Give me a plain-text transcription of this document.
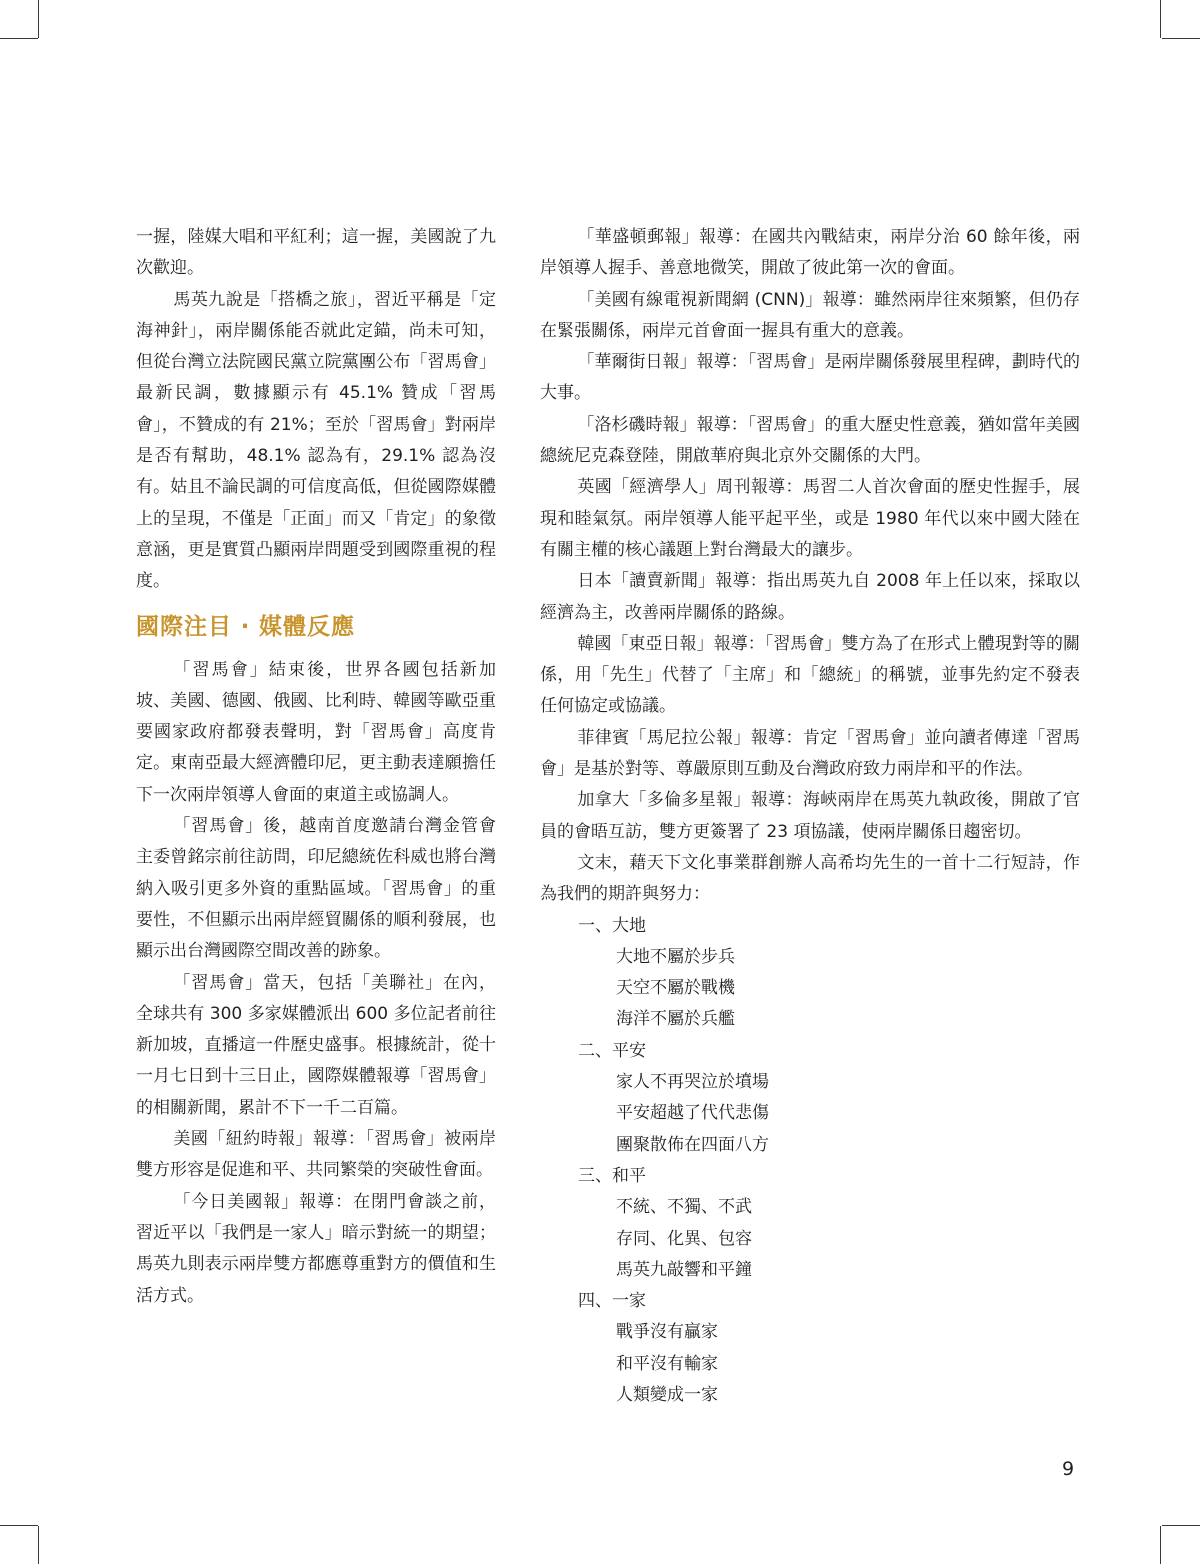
一握，陸媒大唱和平紅利；這一握，美國說了九次歡迎。

馬英九說是「搭橋之旅」，習近平稱是「定海神針」，兩岸關係能否就此定錨，尚未可知，但從台灣立法院國民黨立院黨團公布「習馬會」最新民調，數據顯示有 45.1% 贊成「習馬會」，不贊成的有 21%；至於「習馬會」對兩岸是否有幫助，48.1% 認為有，29.1% 認為沒有。姑且不論民調的可信度高低，但從國際媒體上的呈現，不僅是「正面」而又「肯定」的象徵意涵，更是實質凸顯兩岸問題受到國際重視的程度。

國際注目 ‧ 媒體反應

「習馬會」結束後，世界各國包括新加坡、美國、德國、俄國、比利時、韓國等歐亞重要國家政府都發表聲明，對「習馬會」高度肯定。東南亞最大經濟體印尼，更主動表達願擔任下一次兩岸領導人會面的東道主或協調人。

「習馬會」後，越南首度邀請台灣金管會主委曾銘宗前往訪問，印尼總統佐科威也將台灣納入吸引更多外資的重點區域。「習馬會」的重要性，不但顯示出兩岸經貿關係的順利發展，也顯示出台灣國際空間改善的跡象。

「習馬會」當天，包括「美聯社」在內，全球共有 300 多家媒體派出 600 多位記者前往新加坡，直播這一件歷史盛事。根據統計，從十一月七日到十三日止，國際媒體報導「習馬會」的相關新聞，累計不下一千二百篇。

美國「紐約時報」報導：「習馬會」被兩岸雙方形容是促進和平、共同繁榮的突破性會面。

「今日美國報」報導：在閉門會談之前，習近平以「我們是一家人」暗示對統一的期望；馬英九則表示兩岸雙方都應尊重對方的價值和生活方式。

「華盛頓郵報」報導：在國共內戰結束，兩岸分治 60 餘年後，兩岸領導人握手、善意地微笑，開啟了彼此第一次的會面。

「美國有線電視新聞網 (CNN)」報導：雖然兩岸往來頻繁，但仍存在緊張關係，兩岸元首會面一握具有重大的意義。

「華爾街日報」報導：「習馬會」是兩岸關係發展里程碑，劃時代的大事。

「洛杉磯時報」報導：「習馬會」的重大歷史性意義，猶如當年美國總統尼克森登陸，開啟華府與北京外交關係的大門。

英國「經濟學人」周刊報導：馬習二人首次會面的歷史性握手，展現和睦氣氛。兩岸領導人能平起平坐，或是 1980 年代以來中國大陸在有關主權的核心議題上對台灣最大的讓步。

日本「讀賣新聞」報導：指出馬英九自 2008 年上任以來，採取以經濟為主，改善兩岸關係的路線。

韓國「東亞日報」報導：「習馬會」雙方為了在形式上體現對等的關係，用「先生」代替了「主席」和「總統」的稱號，並事先約定不發表任何協定或協議。

菲律賓「馬尼拉公報」報導：肯定「習馬會」並向讀者傳達「習馬會」是基於對等、尊嚴原則互動及台灣政府致力兩岸和平的作法。

加拿大「多倫多星報」報導：海峽兩岸在馬英九執政後，開啟了官員的會晤互訪，雙方更簽署了 23 項協議，使兩岸關係日趨密切。

文末，藉天下文化事業群創辦人高希均先生的一首十二行短詩，作為我們的期許與努力：

一、大地

大地不屬於步兵

天空不屬於戰機

海洋不屬於兵艦

二、平安

家人不再哭泣於墳場

平安超越了代代悲傷

團聚散佈在四面八方

三、和平

不統、不獨、不武

存同、化異、包容

馬英九敲響和平鐘

四、一家

戰爭沒有贏家

和平沒有輸家

人類變成一家

9
